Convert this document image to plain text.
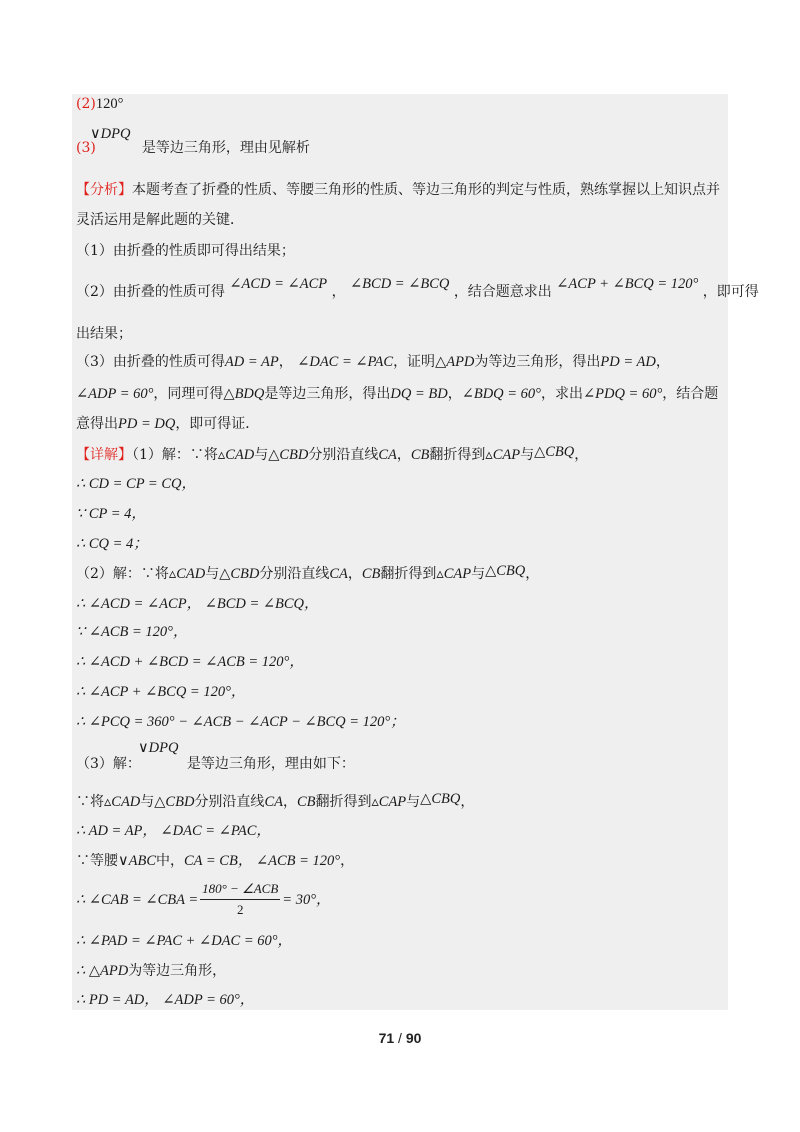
(2)120°
∨DPQ
(3)	是等边三角形，理由见解析
【分析】本题考查了折叠的性质、等腰三角形的性质、等边三角形的判定与性质，熟练掌握以上知识点并
灵活运用是解此题的关键．
（1）由折叠的性质即可得出结果；
（2）由折叠的性质可得 ∠ACD = ∠ACP ， ∠BCD = ∠BCQ ，结合题意求出 ∠ACP + ∠BCQ = 120° ，即可得
出结果；
（3）由折叠的性质可得AD = AP， ∠DAC = ∠PAC，证明△APD为等边三角形，得出PD = AD，
∠ADP = 60°，同理可得△BDQ是等边三角形，得出DQ = BD，∠BDQ = 60°，求出∠PDQ = 60°，结合题
意得出PD = DQ，即可得证．
【详解】（1）解：∵将▵CAD与△CBD分别沿直线CA，CB翻折得到▵CAP与△CBQ，
∴ CD = CP = CQ，
∵ CP = 4，
∴ CQ = 4；
（2）解：∵将▵CAD与△CBD分别沿直线CA，CB翻折得到▵CAP与△CBQ，
∴ ∠ACD = ∠ACP， ∠BCD = ∠BCQ，
∵ ∠ACB = 120°，
∴ ∠ACD + ∠BCD = ∠ACB = 120°，
∴ ∠ACP + ∠BCQ = 120°，
∴ ∠PCQ = 360° − ∠ACB − ∠ACP − ∠BCQ = 120°；
∨DPQ
（3）解：	是等边三角形，理由如下：
∵将▵CAD与△CBD分别沿直线CA，CB翻折得到▵CAP与△CBQ，
∴ AD = AP， ∠DAC = ∠PAC，
∵等腰∨ABC中，CA = CB， ∠ACB = 120°，
∴ ∠CAB = ∠CBA = $\frac{\text{180° − ∠ACB}}{2} = 30^\circ$，
∴ ∠PAD = ∠PAC + ∠DAC = 60°，
∴ △APD为等边三角形，
∴ PD = AD， ∠ADP = 60°，
71 / 90
